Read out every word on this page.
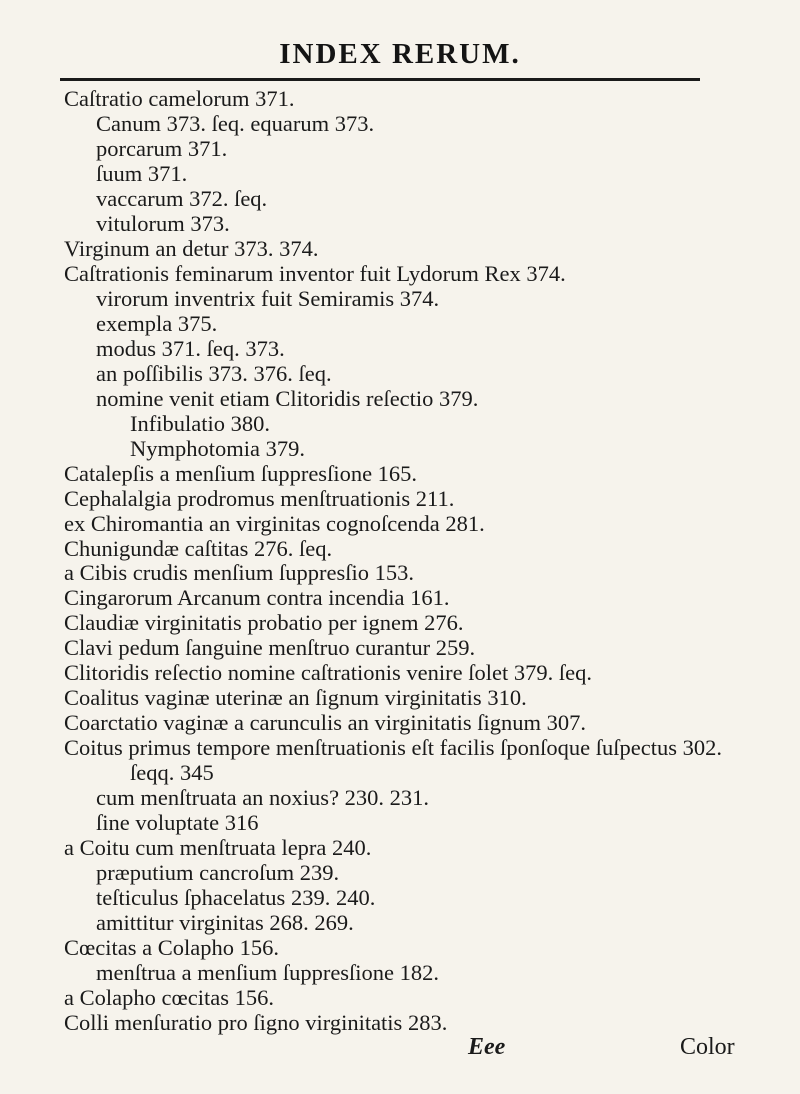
INDEX RERUM.
Caſtratio camelorum 371.
Canum 373. ſeq. equarum 373.
porcarum 371.
ſuum 371.
vaccarum 372. ſeq.
vitulorum 373.
Virginum an detur 373. 374.
Caſtrationis feminarum inventor fuit Lydorum Rex 374.
virorum inventrix fuit Semiramis 374.
exempla 375.
modus 371. ſeq. 373.
an poſſibilis 373. 376. ſeq.
nomine venit etiam Clitoridis reſectio 379.
Infibulatio 380.
Nymphotomia 379.
Catalepſis a menſium ſuppresſione 165.
Cephalalgia prodromus menſtruationis 211.
ex Chiromantia an virginitas cognoſcenda 281.
Chunigundæ caſtitas 276. ſeq.
a Cibis crudis menſium ſuppresſio 153.
Cingarorum Arcanum contra incendia 161.
Claudiæ virginitatis probatio per ignem 276.
Clavi pedum ſanguine menſtruo curantur 259.
Clitoridis reſectio nomine caſtrationis venire ſolet 379. ſeq.
Coalitus vaginæ uterinæ an ſignum virginitatis 310.
Coarctatio vaginæ a carunculis an virginitatis ſignum 307.
Coitus primus tempore menſtruationis eſt facilis ſponſoque ſuſpectus 302.
ſeqq. 345
cum menſtruata an noxius? 230. 231.
ſine voluptate 316
a Coitu cum menſtruata lepra 240.
præputium cancroſum 239.
teſticulus ſphacelatus 239. 240.
amittitur virginitas 268. 269.
Cœcitas a Colapho 156.
menſtrua a menſium ſuppresſione 182.
a Colapho cœcitas 156.
Colli menſuratio pro ſigno virginitatis 283.
Eee	Color
